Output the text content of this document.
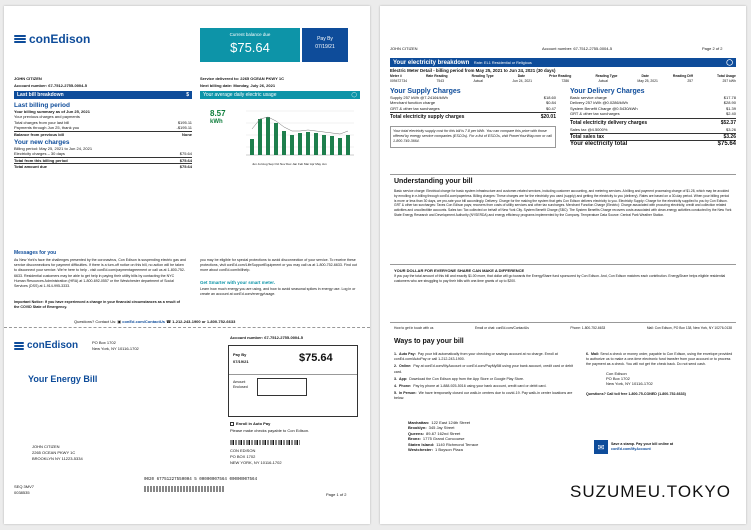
conEdison	Current balance due
$75.64
Pay By
07/19/21
JOHN CITIZEN
Account number: 67-7512-2755-0004-5
Service delivered to: 2265 OCEAN PKWY 1C
Next billing date: Monday, July 26, 2021
Last bill breakdown	$
Last billing period
Your billing summary as of Jun 25, 2021
Your previous charges and payments
Total charges from your last bill	$195.11
Payments through Jun 25, thank you	-$195.11
Balance from previous bill	None
Your new charges
Billing period: May 25, 2021 to Jun 24, 2021
Electricity charges – 30 days	$75.64
Total from this billing period	$75.64
Total amount due	$75.64
Your average daily electric usage	◯
8.57
kWh
Jun Jul Aug Sep Oct Nov Dec Jan Feb Mar Apr May Jun
Messages for you
As New York’s face the challenges presented by the coronavirus, Con Edison is suspending electric gas and service disconnections for payment difficulties. If there is a turn-off notice on this bill, no action will be taken to disconnect your service. We’re here to help - visit conEd.com/paymentagreement or call us at 1-800-752-6633. Residential customers may be able to get help in paying their utility bills by contacting the NYC Human Resources Administration (HRA) at 1-800-692-0557 or the Westchester department of Social Services (DSS) at 1-914-995-3333.
you may be eligible for special protections to avoid disconnection of your service. To receive these protections, visit conEd.com/LifeSupportEquipment or you may call us at 1-800-752-6633. Find out more about conEd.com/billhelp.
Get Smarter with your smart meter.
Learn how much energy you are using, and how to avoid seasonal spikes in energy use. Log in or create an account at conEd.com/energy/usage.
Important Notice: If you have experienced a change in your financial circumstances as a result of the COVID State of Emergency.
Questions? Contact Us: ▣ conEd.com/ContactUs ☎ 1-212-243-1900 or 1-800-752-6633
conEdison	PO Box 1702
New York, NY 10116-1702
Your Energy Bill
Account number: 67-7512-2755-0004-5
Pay By
07/19/21	$75.64
Amount Enclosed
Enroll in Auto Pay
Please make checks payable to Con Edison.
JOHN CITIZEN
2265 OCEAN PKWY 1C
BROOKLYN NY 11223-5334
CON EDISON
PO BOX 1702
NEW YORK, NY 10116-1702
0020 67751227550004 5 00000007564 00000007564
SEQ 3MV7
0038535	Page 1 of 2
JOHN CITIZEN	Account number: 67-7512-2755-0004-5	Page 2 of 2
Your electricity breakdown Rate: EL1 Residential or Religious	◯
Electric Meter Detail - billing period from May 25, 2021 to Jun 24, 2021 (30 days)
Meter #	Rate Reading	Reading Type	Date	Prior Reading	Reading Type	Date	Reading Diff	Total Usage
009472734	7543	Actual	Jun 24, 2021	7286	Actual	May 25, 2021	257	257 kWh
Your Supply Charges
Supply 257 kWh @7.2416¢/kWh	$18.60
Merchant function charge	$0.84
GRT & other tax surcharges	$0.47
Total electricity supply charges	$20.01
Your total electricity supply cost for this bill is 7.8 per kWh. You can compare this price with those offered by energy service companies (ESCOs). For a list of ESCOs, visit PowerYourWay.com or call 1-800-749-3664.
Your Delivery Charges
Basic service charge	$17.78
Delivery 257 kWh @0.0286/kWh	$28.90
System Benefit Charge @0.5430/kWh	$1.39
GRT & other tax surcharges	$2.40
Total electricity delivery charges	$52.37
Sales tax @4.5000%	$3.26
Total sales tax	$3.26
Your electricity total	$75.64
Understanding your bill
Basic service charge: Electrical charge for basic system infrastructure and customer-related services, including customer accounting, and metering services. A billing and payment processing charge of $1.28, which may be avoided by enrolling in e-billing through conEd.com/paperless. Billing charges: These charges are for the electricity you used (supply) and getting the electricity to you (delivery). Rates are based on a 30-day period. When your billing period is more or less than 30 days, we pro-rate your bill accordingly. Delivery: Charge for the making the system that gets Con Edison delivers electricity to you. Electricity Supply: Charge for the electricity supplied to you by Con Edison. GRT & other tax surcharges: Taxes Con Edison pays; recovers from costs of utility services and other tax surcharges. Merchant Function Charge (Electric): Charge associated with procuring electricity, credit and collection related activities and uncollectible accounts. Sales tax: Tax collected on behalf of New York City. System Benefit Charge (SBC): The System Benefits Charge recovers costs associated with clean-energy activities conducted by the New York State Energy Research and Development Authority (NYSERDA) and energy efficiency programs implemented by the Company. Temperature Data Source: Central Park Weather Station.
YOUR DOLLAR FOR EVERYONE SHARE CAN MAKE A DIFFERENCE
If you pay the total amount of this bill and exactly $1.00 more, that dollar will go towards the EnergyShare fund sponsored by Con Edison. And, Con Edison matches each contribution. EnergyShare helps eligible residential customers who are struggling to pay their bills with one-time grants of up to $200.
How to get in touch with us	Email or chat: conEd.com/ContactUs	Phone: 1-800-752-6633	Mail: Con Edison, PO Box 138, New York, NY 10276-0138
Ways to pay your bill
1. Auto Pay: Pay your bill automatically from your checking or savings account at no charge. Enroll at conEd.com/AutoPay or call 1-212-243-1900.
2. Online: Pay at conEd.com/MyAccount or conEd.com/PayMyBill using your bank account, credit card or debit card.
3. App: Download the Con Edison app from the App Store or Google Play Store.
4. Phone: Pay by phone at 1-888-925-5016 using your bank account, credit card or debit card.
5. In Person: We have temporarily closed our walk-in centers due to covid-19. Pay walk-in center locations are below.
Manhattan: 122 East 124th Street
Brooklyn: 345 Jay Street
Queens: 89-67 162nd Street
Bronx: 1775 Grand Concourse
Staten Island: 1140 Richmond Terrace
Westchester: 1 Boyson Plaza
6. Mail: Send a check or money order, payable to Con Edison, using the envelope provided to authorize us to make a one-time electronic fund transfer from your account or to process the payment as a check. You will not get the check back. Do not send cash.
Con Edison
PO Box 1702
New York, NY 10116-1702
Questions? Call toll free 1-800-75-CONED (1-800-752-6633)
✉	Save a stamp. Pay your bill online at
conEd.com/MyAccount
SUZUMEU.TOKYO
